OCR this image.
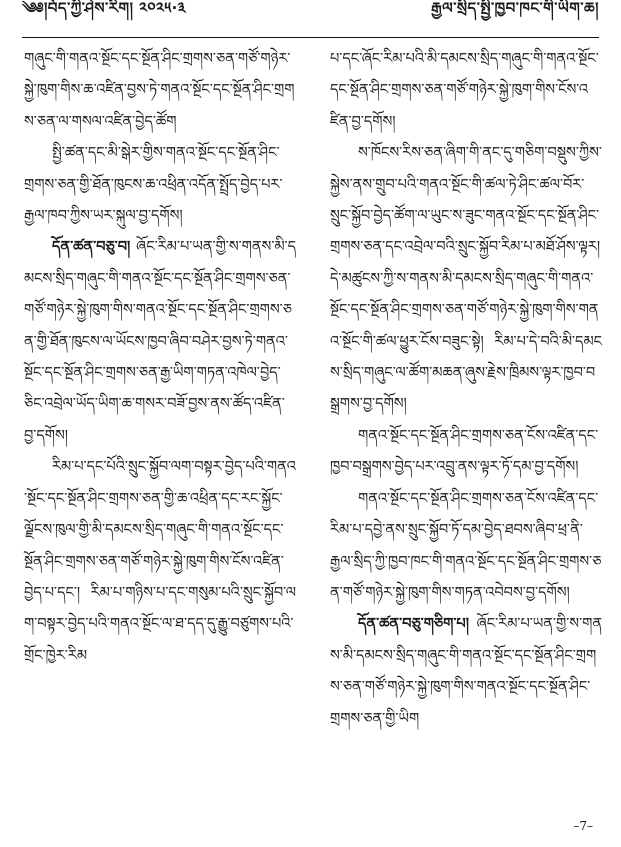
༄༅།བོད་ཀྱི་ཤེས་རིག། ༢༠༢༥·༣	རྒྱལ་སྲིད་སྤྱི་ཁྱབ་ཁང་གི་ཡིག་ཆ།

གཞུང་གི་གནའ་སྔོང་དང་སྔོན་ཤིང་གྲགས་ཅན་གཙོ་གཉེར་སྐྱེ་ཁུག་གིས་ཆ་འཛིན་བྱས་ཏེ་གནའ་སྔོང་དང་སྔོན་ཤིང་གྲགས་ཅན་ལ་གསལ་འཛིན་བྱེད་ཚོག

སྤྱི་ཚན་དང་མི་སྒེར་གྱིས་གནའ་སྔོང་དང་སྔོན་ཤིང་གྲགས་ཅན་གྱི་ཐོན་ཁུངས་ཆ་འཕྲིན་འདོན་སྤྲོད་བྱེད་པར་རྒྱལ་ཁབ་ཀྱིས་ཡར་སྐུལ་བྱ་དགོས།

དོན་ཚན་བཅུ་བ། ཞོང་རིམ་པ་ཡན་གྱི་ས་གནས་མི་དམངས་སྲིད་གཞུང་གི་གནའ་སྔོང་དང་སྔོན་ཤིང་གྲགས་ཅན་གཙོ་གཉེར་སྐྱེ་ཁུག་གིས་གནའ་སྔོང་དང་སྔོན་ཤིང་གྲགས་ཅན་གྱི་ཐོན་ཁུངས་ལ་ཡོངས་ཁྱབ་ཞིབ་བཤེར་བྱས་ཏེ་གནའ་སྔོང་དང་སྔོན་ཤིང་གྲགས་ཅན་རྒྱ་ཡིག་གཏན་འཁེལ་བྱེད་ཅིང་འབྲེལ་ཡོད་ཡིག་ཆ་གསར་བཟོ་བྱས་ནས་ཚོད་འཛིན་བྱ་དགོས།

རིམ་པ་དང་པོའི་སྲུང་སྐྱོབ་ལག་བསྟར་བྱེད་པའི་གནའ་སྔོང་དང་སྔོན་ཤིང་གྲགས་ཅན་གྱི་ཆ་འཕྲིན་དང་རང་སྐྱོང་ལྗོངས་ཁུལ་གྱི་མི་དམངས་སྲིད་གཞུང་གི་གནའ་སྔོང་དང་སྔོན་ཤིང་གྲགས་ཅན་གཙོ་གཉེར་སྐྱེ་ཁུག་གིས་ངོས་འཛིན་བྱེད་པ་དང་། རིམ་པ་གཉིས་པ་དང་གསུམ་པའི་སྲུང་སྐྱོབ་ལག་བསྟར་བྱེད་པའི་གནའ་སྔོང་ལ་ཐ་དད་དུ་རྒྱུ་བཙུགས་པའི་གྲོང་ཁྱེར་རིམ

པ་དང་ཞོང་རིམ་པའི་མི་དམངས་སྲིད་གཞུང་གི་གནའ་སྔོང་དང་སྔོན་ཤིང་གྲགས་ཅན་གཙོ་གཉེར་སྐྱེ་ཁུག་གིས་ངོས་འཛིན་བྱ་དགོས།

ས་ཁོངས་རིས་ཅན་ཞིག་གི་ནང་དུ་གཅིག་བསྡུས་ཀྱིས་སྐྱེས་ནས་གྲུབ་པའི་གནའ་སྔོང་གི་ཚལ་ཏེ་ཤིང་ཚལ་བོར་སྲུང་སྐྱོབ་བྱེད་ཚོག་ལ་ཡུང་ས་ཟུང་གནའ་སྔོང་དང་སྔོན་ཤིང་གྲགས་ཅན་དང་འབྲེལ་བའི་སྲུང་སྐྱོབ་རིམ་པ་མཐོ་ཤོས་ལྟར། དེ་མཚུངས་ཀྱི་ས་གནས་མི་དམངས་སྲིད་གཞུང་གི་གནའ་སྔོང་དང་སྔོན་ཤིང་གྲགས་ཅན་གཙོ་གཉེར་སྐྱེ་ཁུག་གིས་གནའ་སྔོང་གི་ཚལ་ཕྱུར་ངོས་བཟུང་སྟེ། རིམ་པ་དེ་བའི་མི་དམངས་སྲིད་གཞུང་ལ་ཚོག་མཆན་ཞུས་རྗེས་ཁྲིམས་ལྟར་ཁྱབ་བསྒྲགས་བྱ་དགོས།

གནའ་སྔོང་དང་སྔོན་ཤིང་གྲགས་ཅན་ངོས་འཛིན་དང་ཁྱབ་བསྒྲགས་བྱེད་པར་འབྲུ་ནས་ལྟར་ཏོ་དམ་བྱ་དགོས།

གནའ་སྔོང་དང་སྔོན་ཤིང་གྲགས་ཅན་ངོས་འཛིན་དང་རིམ་པ་དབྱེ་ནས་སྲུང་སྐྱོབ་ཏོ་དམ་བྱེད་ཐབས་ཞིབ་ཕྲ་ནི་རྒྱལ་སྲིད་ཀྱི་ཁྱབ་ཁང་གི་གནའ་སྔོང་དང་སྔོན་ཤིང་གྲགས་ཅན་གཙོ་གཉེར་སྐྱེ་ཁུག་གིས་གཏན་འབེབས་བྱ་དགོས།

དོན་ཚན་བཅུ་གཅིག་པ། ཞོང་རིམ་པ་ཡན་གྱི་ས་གནས་མི་དམངས་སྲིད་གཞུང་གི་གནའ་སྔོང་དང་སྔོན་ཤིང་གྲགས་ཅན་གཙོ་གཉེར་སྐྱེ་ཁུག་གིས་གནའ་སྔོང་དང་སྔོན་ཤིང་གྲགས་ཅན་གྱི་ཡིག

–7–
